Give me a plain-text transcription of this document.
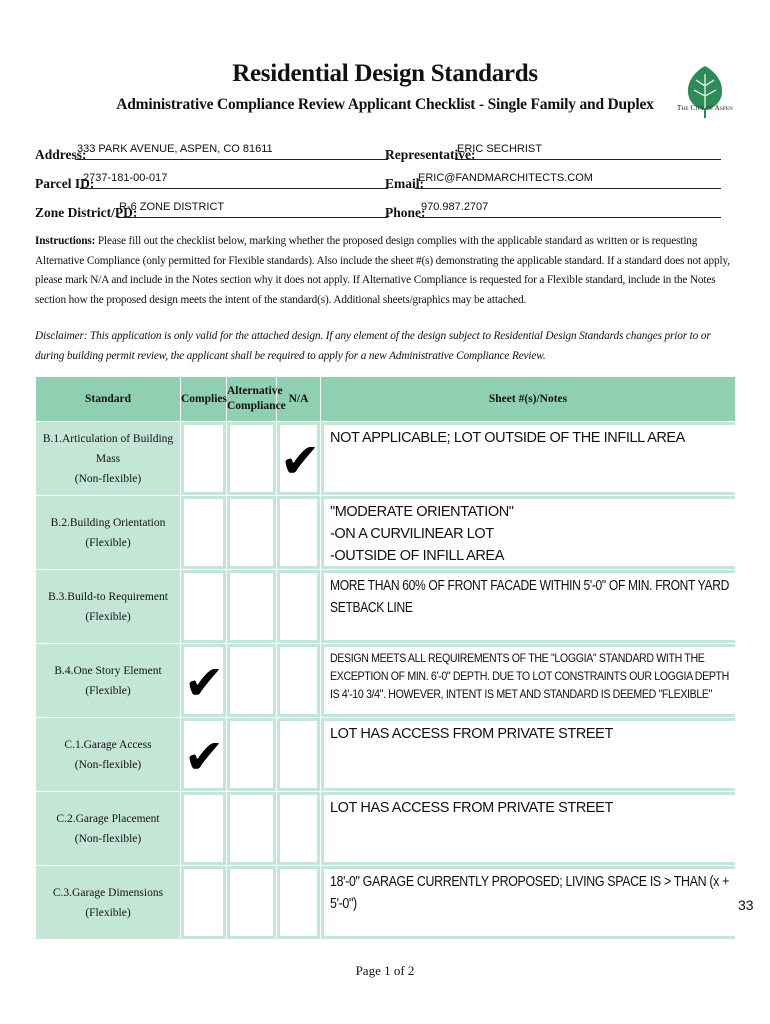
Residential Design Standards
Administrative Compliance Review Applicant Checklist - Single Family and Duplex	The City of Aspen
Address:
333 PARK AVENUE, ASPEN, CO 81611
Parcel ID:
2737-181-00-017
Zone District/PD:
R-6 ZONE DISTRICT
Representative:
ERIC SECHRIST
Email:
ERIC@FANDMARCHITECTS.COM
Phone:
970.987.2707
Instructions: Please fill out the checklist below, marking whether the proposed design complies with the applicable standard as written or is requesting Alternative Compliance (only permitted for Flexible standards). Also include the sheet #(s) demonstrating the applicable standard. If a standard does not apply, please mark N/A and include in the Notes section why it does not apply. If Alternative Compliance is requested for a Flexible standard, include in the Notes section how the proposed design meets the intent of the standard(s). Additional sheets/graphics may be attached.
Disclaimer: This application is only valid for the attached design. If any element of the design subject to Residential Design Standards changes prior to or during building permit review, the applicant shall be required to apply for a new Administrative Compliance Review.
Standard	Complies	Alternative
Compliance	N/A	Sheet #(s)/Notes
B.1.Articulation of Building Mass
(Non-flexible)			✔	NOT APPLICABLE; LOT OUTSIDE OF THE INFILL AREA

B.2.Building Orientation
(Flexible)				"MODERATE ORIENTATION"
-ON A CURVILINEAR LOT
-OUTSIDE OF INFILL AREA

B.3.Build-to Requirement
(Flexible)				MORE THAN 60% OF FRONT FACADE WITHIN 5'-0" OF MIN. FRONT YARD
SETBACK LINE

B.4.One Story Element
(Flexible)	✔			DESIGN MEETS ALL REQUIREMENTS OF THE "LOGGIA" STANDARD WITH THE
EXCEPTION OF MIN. 6'-0" DEPTH. DUE TO LOT CONSTRAINTS OUR LOGGIA DEPTH
IS 4'-10 3/4". HOWEVER, INTENT IS MET AND STANDARD IS DEEMED "FLEXIBLE"

C.1.Garage Access
(Non-flexible)	✔			LOT HAS ACCESS FROM PRIVATE STREET

C.2.Garage Placement
(Non-flexible)				LOT HAS ACCESS FROM PRIVATE STREET

C.3.Garage Dimensions
(Flexible)				18'-0" GARAGE CURRENTLY PROPOSED; LIVING SPACE IS > THAN (x +
5'-0")
Page 1 of 2
33
